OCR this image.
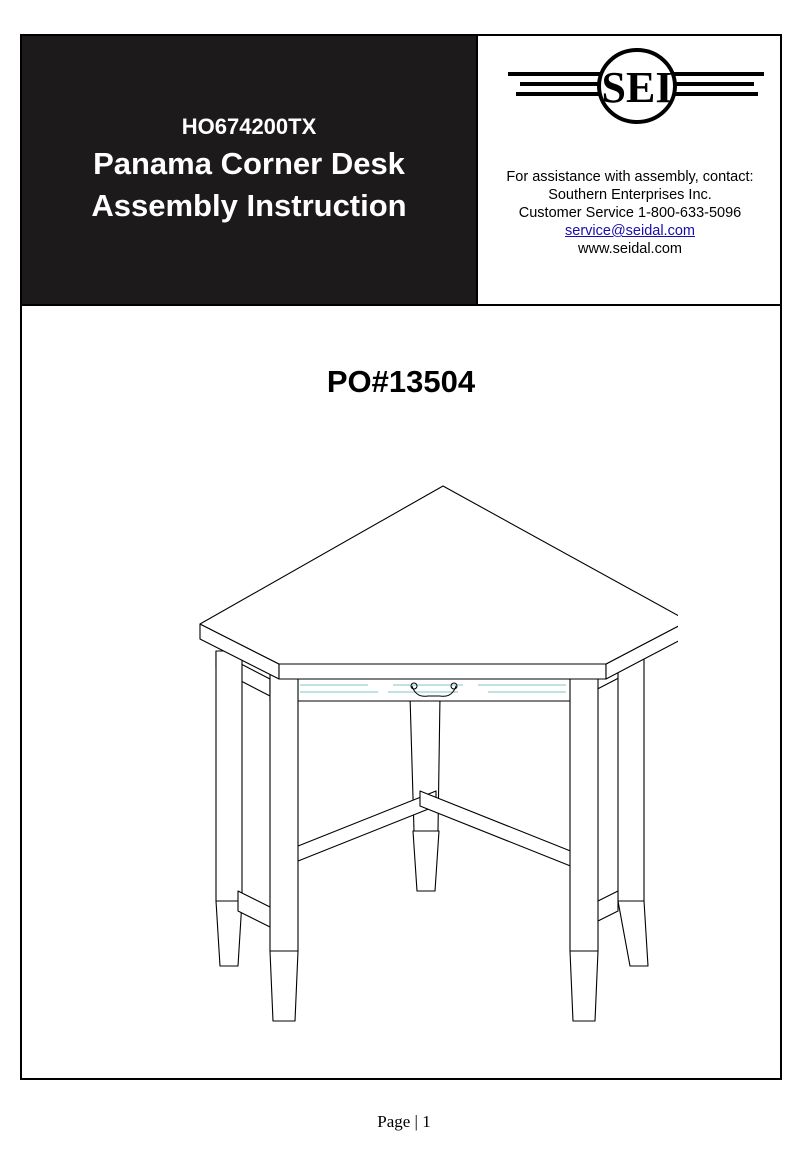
HO674200TX
Panama Corner Desk
Assembly Instruction
SEI
For assistance with assembly, contact:
Southern Enterprises Inc.
Customer Service 1-800-633-5096
service@seidal.com
www.seidal.com
PO#13504
Page | 1
